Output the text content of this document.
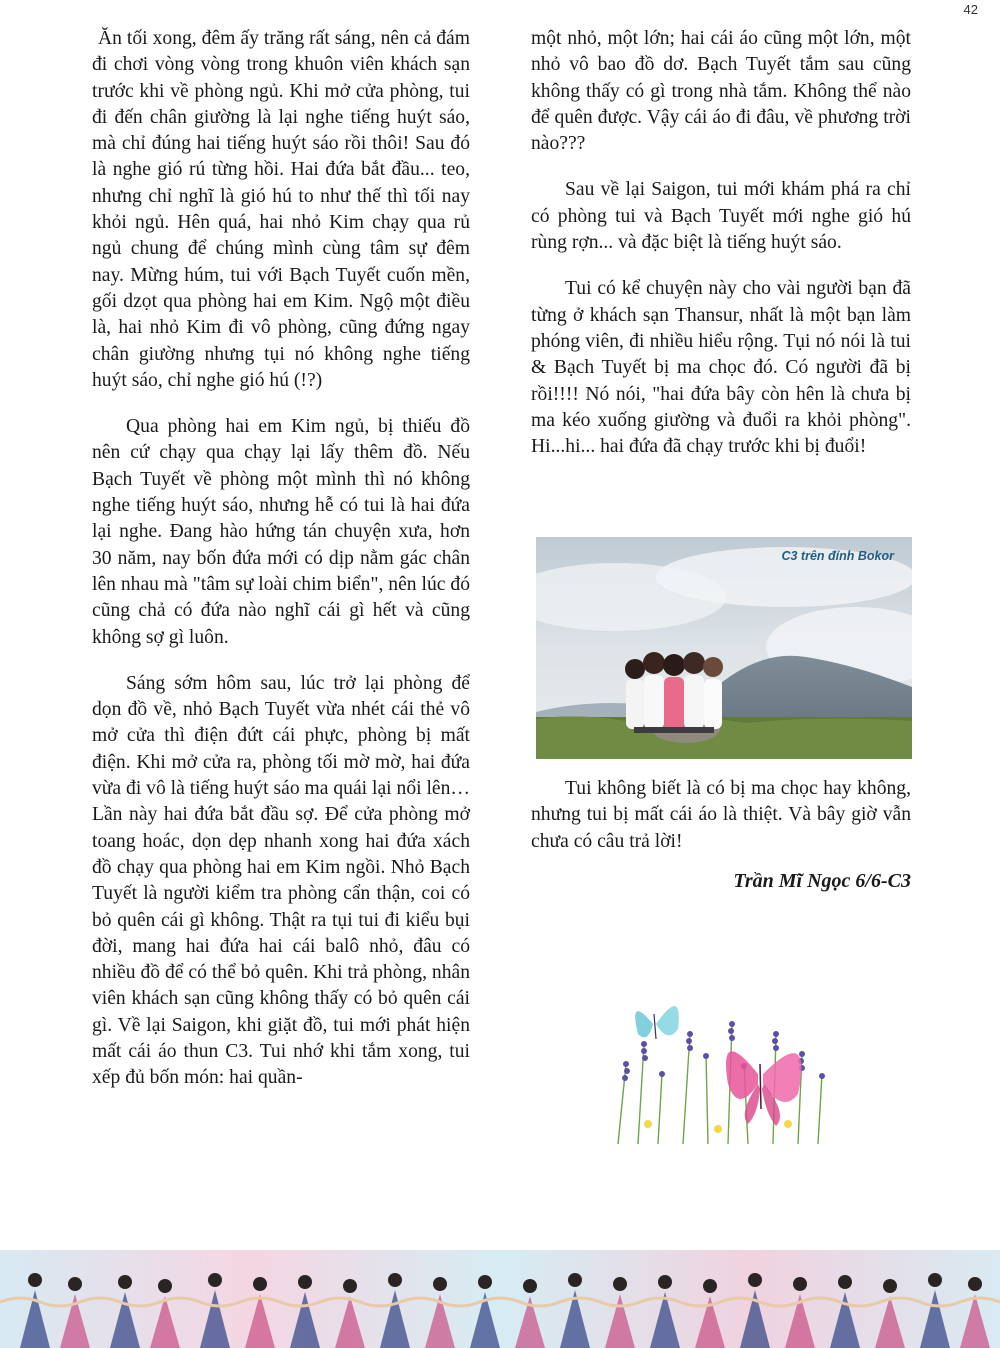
42

Ăn tối xong, đêm ấy trăng rất sáng, nên cả đám đi chơi vòng vòng trong khuôn viên khách sạn trước khi về phòng ngủ. Khi mở cửa phòng, tui đi đến chân giường là lại nghe tiếng huýt sáo, mà chỉ đúng hai tiếng huýt sáo rồi thôi! Sau đó là nghe gió rú từng hồi. Hai đứa bắt đầu... teo, nhưng chỉ nghĩ là gió hú to như thế thì tối nay khỏi ngủ. Hên quá, hai nhỏ Kim chạy qua rủ ngủ chung để chúng mình cùng tâm sự đêm nay. Mừng húm, tui với Bạch Tuyết cuốn mền, gối dzọt qua phòng hai em Kim. Ngộ một điều là, hai nhỏ Kim đi vô phòng, cũng đứng ngay chân giường nhưng tụi nó không nghe tiếng huýt sáo, chỉ nghe gió hú (!?)

Qua phòng hai em Kim ngủ, bị thiếu đồ nên cứ chạy qua chạy lại lấy thêm đồ. Nếu Bạch Tuyết về phòng một mình thì nó không nghe tiếng huýt sáo, nhưng hễ có tui là hai đứa lại nghe. Đang hào hứng tán chuyện xưa, hơn 30 năm, nay bốn đứa mới có dịp nằm gác chân lên nhau mà "tâm sự loài chim biển", nên lúc đó cũng chả có đứa nào nghĩ cái gì hết và cũng không sợ gì luôn.

Sáng sớm hôm sau, lúc trở lại phòng để dọn đồ về, nhỏ Bạch Tuyết vừa nhét cái thẻ vô mở cửa thì điện đứt cái phực, phòng bị mất điện. Khi mở cửa ra, phòng tối mờ mờ, hai đứa vừa đi vô là tiếng huýt sáo ma quái lại nổi lên… Lần này hai đứa bắt đầu sợ. Để cửa phòng mở toang hoác, dọn dẹp nhanh xong hai đứa xách đồ chạy qua phòng hai em Kim ngồi. Nhỏ Bạch Tuyết là người kiểm tra phòng cẩn thận, coi có bỏ quên cái gì không. Thật ra tụi tui đi kiểu bụi đời, mang hai đứa hai cái balô nhỏ, đâu có nhiều đồ để có thể bỏ quên. Khi trả phòng, nhân viên khách sạn cũng không thấy có bỏ quên cái gì. Về lại Saigon, khi giặt đồ, tui mới phát hiện mất cái áo thun C3. Tui nhớ khi tắm xong, tui xếp đủ bốn món: hai quần-

một nhỏ, một lớn; hai cái áo cũng một lớn, một nhỏ vô bao đồ dơ. Bạch Tuyết tắm sau cũng không thấy có gì trong nhà tắm. Không thể nào để quên được. Vậy cái áo đi đâu, về phương trời nào???

Sau về lại Saigon, tui mới khám phá ra chỉ có phòng tui và Bạch Tuyết mới nghe gió hú rùng rợn... và đặc biệt là tiếng huýt sáo.

Tui có kể chuyện này cho vài người bạn đã từng ở khách sạn Thansur, nhất là một bạn làm phóng viên, đi nhiều hiểu rộng. Tụi nó nói là tui & Bạch Tuyết bị ma chọc đó. Có người đã bị rồi!!!! Nó nói, "hai đứa bây còn hên là chưa bị ma kéo xuống giường và đuổi ra khỏi phòng". Hi...hi... hai đứa đã chạy trước khi bị đuổi!

C3 trên đỉnh Bokor

Tui không biết là có bị ma chọc hay không, nhưng tui bị mất cái áo là thiệt. Và bây giờ vẫn chưa có câu trả lời!

Trần Mĩ Ngọc 6/6-C3
